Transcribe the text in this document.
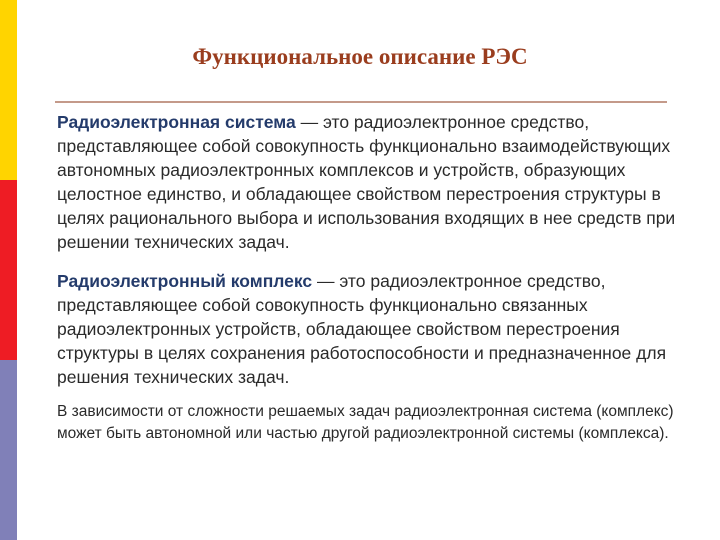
Функциональное описание РЭС

Радиоэлектронная система — это радиоэлектронное средство, представляющее собой совокупность функционально взаимодействующих автономных радиоэлектронных комплексов и устройств, образующих целостное единство, и обладающее свойством перестроения структуры в целях рационального выбора и использования входящих в нее средств при решении технических задач.

Радиоэлектронный комплекс — это радиоэлектронное средство, представляющее собой совокупность функционально связанных радиоэлектронных устройств, обладающее свойством перестроения структуры в целях сохранения работоспособности и предназначенное для решения технических задач.

В зависимости от сложности решаемых задач радиоэлектронная система (комплекс) может быть автономной или частью другой радиоэлектронной системы (комплекса).
